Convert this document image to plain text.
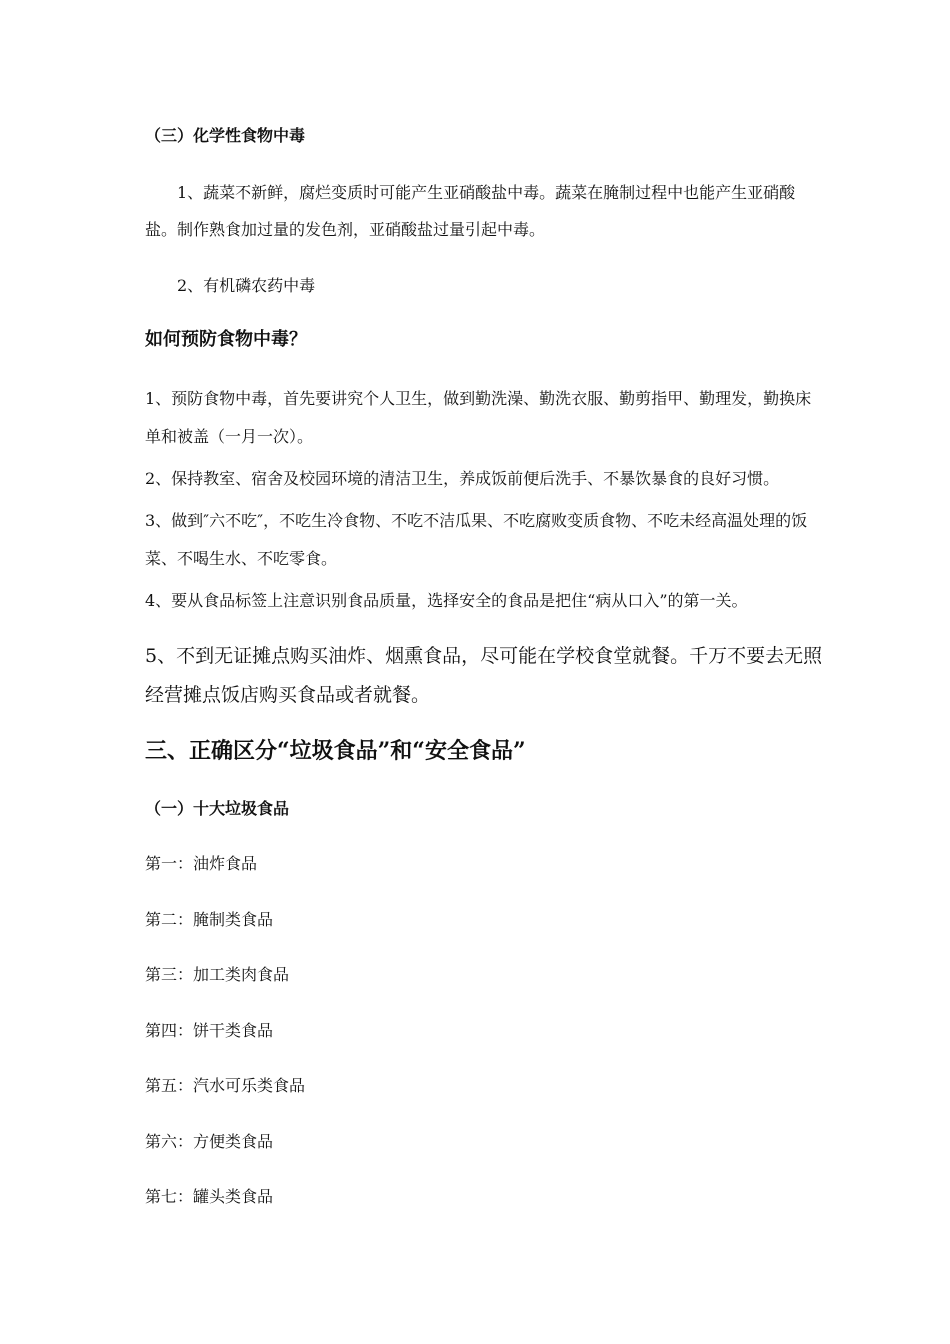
（三）化学性食物中毒
1、蔬菜不新鲜，腐烂变质时可能产生亚硝酸盐中毒。蔬菜在腌制过程中也能产生亚硝酸
盐。制作熟食加过量的发色剂，亚硝酸盐过量引起中毒。
2、有机磷农药中毒
如何预防食物中毒？
1、预防食物中毒，首先要讲究个人卫生，做到勤洗澡、勤洗衣服、勤剪指甲、勤理发，勤换床
单和被盖（一月一次）。
2、保持教室、宿舍及校园环境的清洁卫生，养成饭前便后洗手、不暴饮暴食的良好习惯。
3、做到″六不吃″，不吃生冷食物、不吃不洁瓜果、不吃腐败变质食物、不吃未经高温处理的饭
菜、不喝生水、不吃零食。
4、要从食品标签上注意识别食品质量，选择安全的食品是把住“病从口入”的第一关。
5、不到无证摊点购买油炸、烟熏食品，尽可能在学校食堂就餐。千万不要去无照
经营摊点饭店购买食品或者就餐。
三、正确区分“垃圾食品”和“安全食品”
（一）十大垃圾食品
第一：油炸食品
第二：腌制类食品
第三：加工类肉食品
第四：饼干类食品
第五：汽水可乐类食品
第六：方便类食品
第七：罐头类食品
